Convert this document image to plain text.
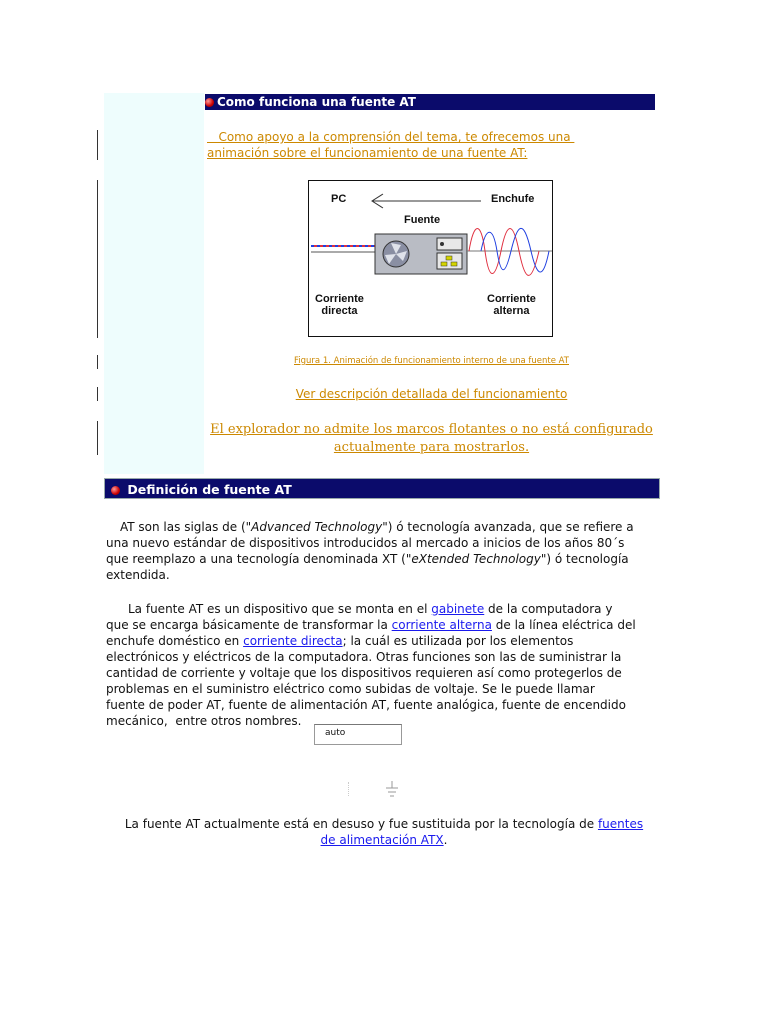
Como funciona una fuente AT
Como apoyo a la comprensión del tema, te ofrecemos una
animación sobre el funcionamiento de una fuente AT:
PC	Enchufe
Fuente
Corriente
directa
Corriente
alterna
Figura 1. Animación de funcionamiento interno de una fuente AT
Ver descripción detallada del funcionamiento
El explorador no admite los marcos flotantes o no está configurado
actualmente para mostrarlos.
Definición de fuente AT
AT son las siglas de ("Advanced Technology") ó tecnología avanzada, que se refiere a
una nuevo estándar de dispositivos introducidos al mercado a inicios de los años 80´s
que reemplazo a una tecnología denominada XT ("eXtended Technology") ó tecnología
extendida.
La fuente AT es un dispositivo que se monta en el gabinete de la computadora y
que se encarga básicamente de transformar la corriente alterna de la línea eléctrica del
enchufe doméstico en corriente directa; la cuál es utilizada por los elementos
electrónicos y eléctricos de la computadora. Otras funciones son las de suministrar la
cantidad de corriente y voltaje que los dispositivos requieren así como protegerlos de
problemas en el suministro eléctrico como subidas de voltaje. Se le puede llamar
fuente de poder AT, fuente de alimentación AT, fuente analógica, fuente de encendido
mecánico,  entre otros nombres.
auto
La fuente AT actualmente está en desuso y fue sustituida por la tecnología de fuentes
de alimentación ATX.
